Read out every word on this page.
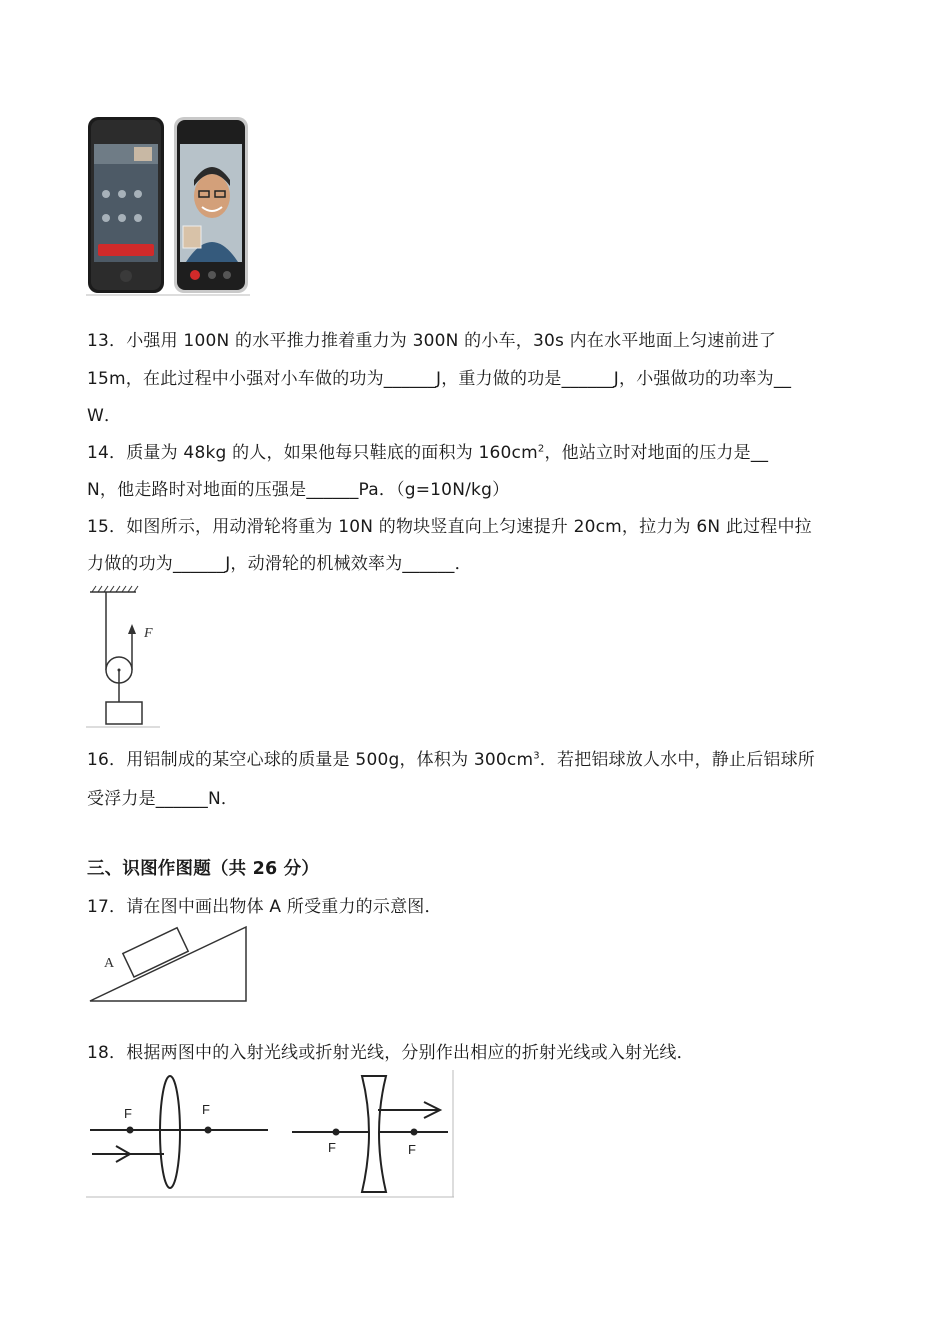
13．小强用 100N 的水平推力推着重力为 300N 的小车，30s 内在水平地面上匀速前进了
15m，在此过程中小强对小车做的功为______J，重力做的功是______J，小强做功的功率为__
W．
14．质量为 48kg 的人，如果他每只鞋底的面积为 $160cm^2$，他站立时对地面的压力是__
N，他走路时对地面的压强是______Pa．（g=10N/kg）
15．如图所示，用动滑轮将重为 10N 的物块竖直向上匀速提升 20cm，拉力为 6N 此过程中拉
力做的功为______J，动滑轮的机械效率为______．
F
16．用铝制成的某空心球的质量是 500g，体积为 $300cm^3$．若把铝球放人水中，静止后铝球所
受浮力是______N．
三、识图作图题（共 26 分）
17．请在图中画出物体 A 所受重力的示意图．
A
18．根据两图中的入射光线或折射光线，分别作出相应的折射光线或入射光线．
F	F
F	F
